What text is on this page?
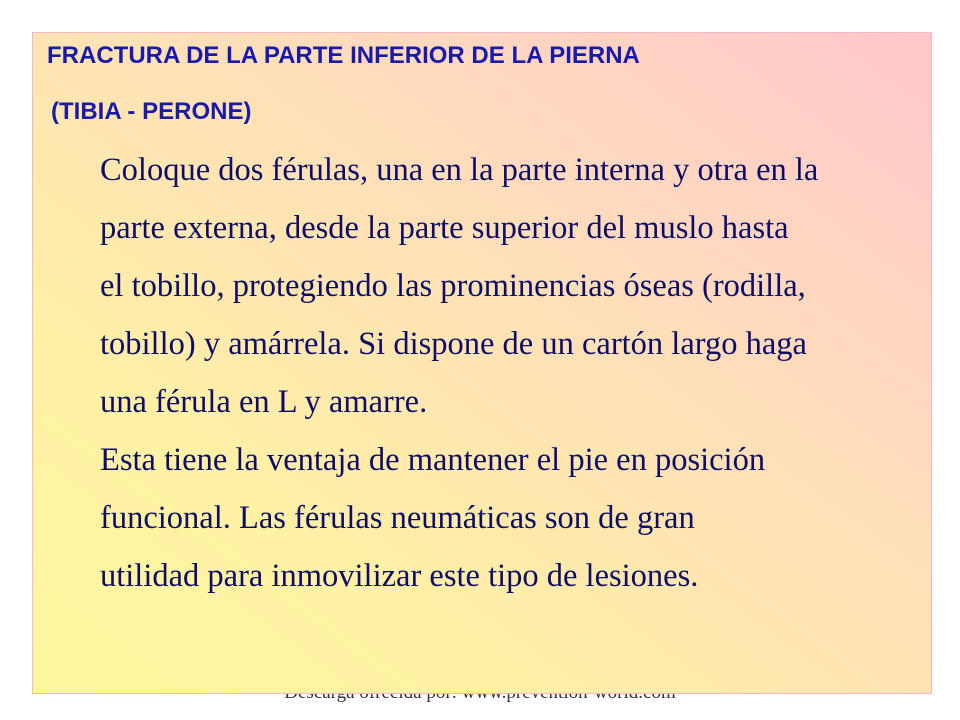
FRACTURA DE LA PARTE INFERIOR DE LA PIERNA
(TIBIA - PERONE)
Coloque dos férulas, una en la parte interna y otra en la
parte externa, desde la parte superior del muslo hasta
el tobillo, protegiendo las prominencias óseas (rodilla,
tobillo) y amárrela. Si dispone de un cartón largo haga
una férula en L y amarre.
Esta tiene la ventaja de mantener el pie en posición
funcional. Las férulas neumáticas son de gran
utilidad para inmovilizar este tipo de lesiones.
